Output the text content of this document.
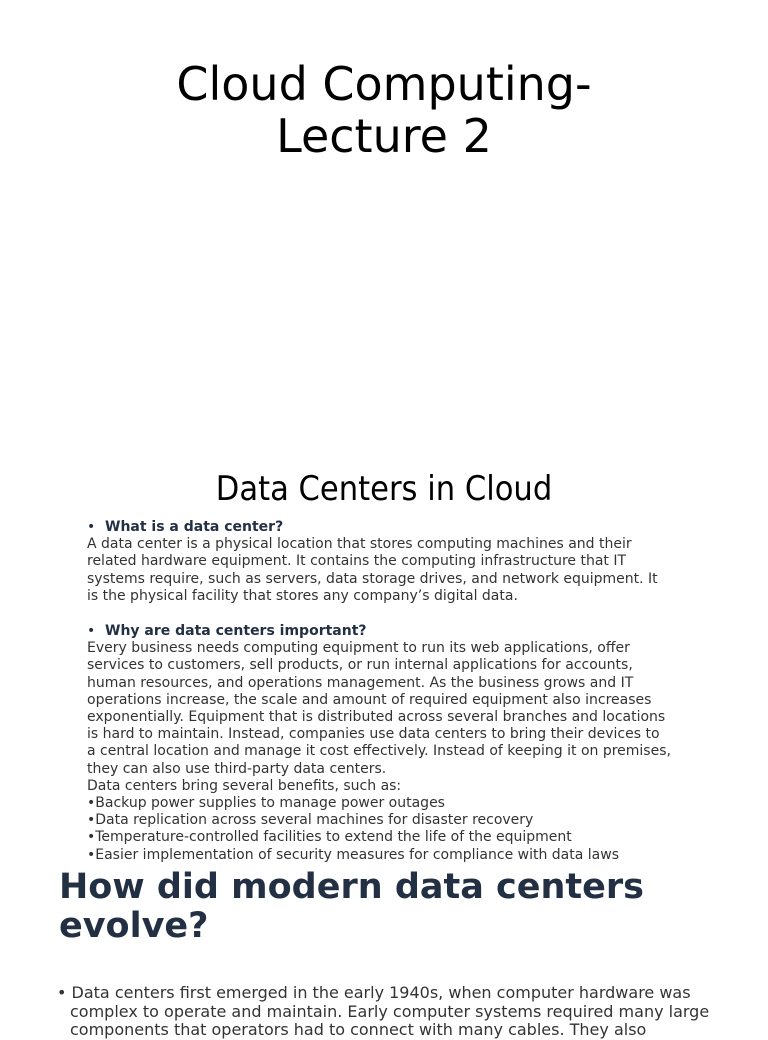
Cloud Computing-
Lecture 2
Data Centers in Cloud
• What is a data center?
A data center is a physical location that stores computing machines and their
related hardware equipment. It contains the computing infrastructure that IT
systems require, such as servers, data storage drives, and network equipment. It
is the physical facility that stores any company’s digital data.
• Why are data centers important?
Every business needs computing equipment to run its web applications, offer
services to customers, sell products, or run internal applications for accounts,
human resources, and operations management. As the business grows and IT
operations increase, the scale and amount of required equipment also increases
exponentially. Equipment that is distributed across several branches and locations
is hard to maintain. Instead, companies use data centers to bring their devices to
a central location and manage it cost effectively. Instead of keeping it on premises,
they can also use third-party data centers.
Data centers bring several benefits, such as:
•Backup power supplies to manage power outages
•Data replication across several machines for disaster recovery
•Temperature-controlled facilities to extend the life of the equipment
•Easier implementation of security measures for compliance with data laws
How did modern data centers
evolve?
• Data centers first emerged in the early 1940s, when computer hardware was
complex to operate and maintain. Early computer systems required many large
components that operators had to connect with many cables. They also
